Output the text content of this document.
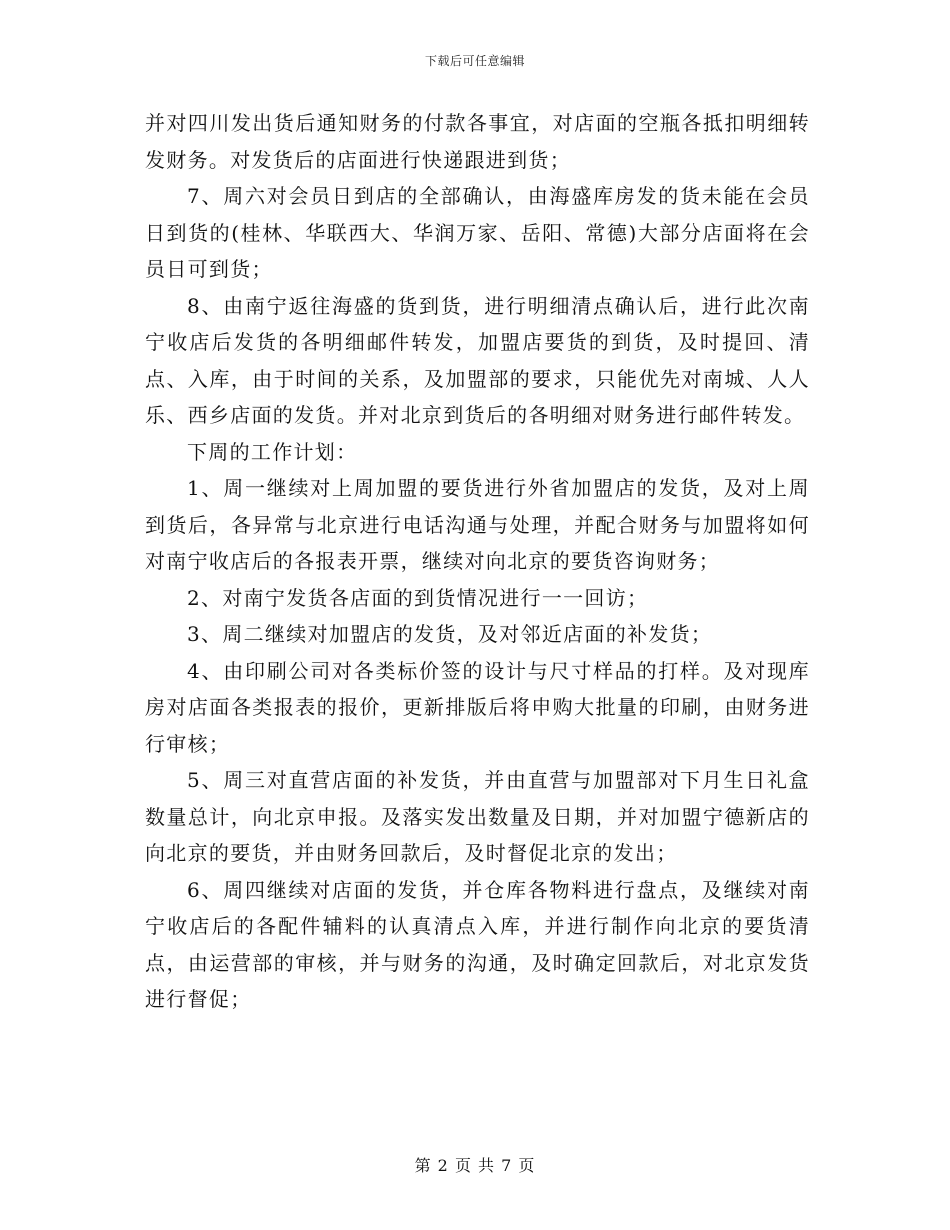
下载后可任意编辑

并对四川发出货后通知财务的付款各事宜，对店面的空瓶各抵扣明细转发财务。对发货后的店面进行快递跟进到货；

7、周六对会员日到店的全部确认，由海盛库房发的货未能在会员日到货的(桂林、华联西大、华润万家、岳阳、常德)大部分店面将在会员日可到货；

8、由南宁返往海盛的货到货，进行明细清点确认后，进行此次南宁收店后发货的各明细邮件转发，加盟店要货的到货，及时提回、清点、入库，由于时间的关系，及加盟部的要求，只能优先对南城、人人乐、西乡店面的发货。并对北京到货后的各明细对财务进行邮件转发。

下周的工作计划：

1、周一继续对上周加盟的要货进行外省加盟店的发货，及对上周到货后，各异常与北京进行电话沟通与处理，并配合财务与加盟将如何对南宁收店后的各报表开票，继续对向北京的要货咨询财务；

2、对南宁发货各店面的到货情况进行一一回访；

3、周二继续对加盟店的发货，及对邻近店面的补发货；

4、由印刷公司对各类标价签的设计与尺寸样品的打样。及对现库房对店面各类报表的报价，更新排版后将申购大批量的印刷，由财务进行审核；

5、周三对直营店面的补发货，并由直营与加盟部对下月生日礼盒数量总计，向北京申报。及落实发出数量及日期，并对加盟宁德新店的向北京的要货，并由财务回款后，及时督促北京的发出；

6、周四继续对店面的发货，并仓库各物料进行盘点，及继续对南宁收店后的各配件辅料的认真清点入库，并进行制作向北京的要货清点，由运营部的审核，并与财务的沟通，及时确定回款后，对北京发货进行督促；

第 2 页 共 7 页
